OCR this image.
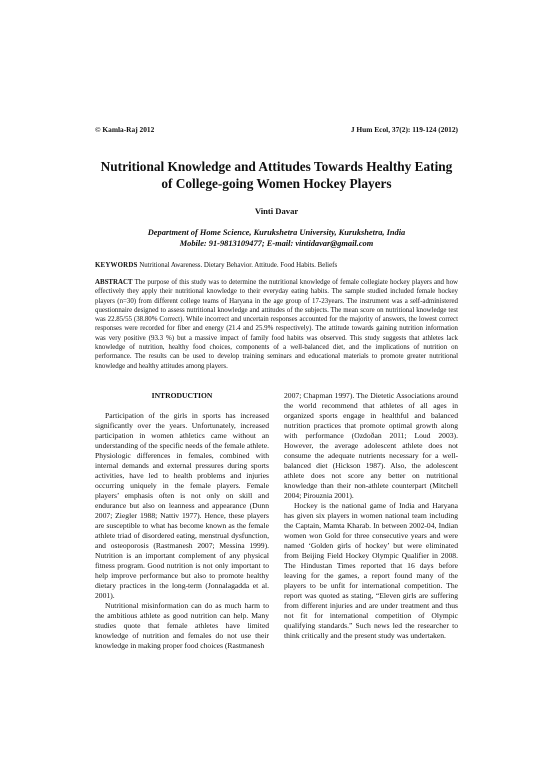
© Kamla-Raj 2012	J Hum Ecol, 37(2): 119-124 (2012)
Nutritional Knowledge and Attitudes Towards Healthy Eating of College-going Women Hockey Players
Vinti Davar
Department of Home Science, Kurukshetra University, Kurukshetra, India
Mobile: 91-9813109477; E-mail: vintidavar@gmail.com
KEYWORDS Nutritional Awareness. Dietary Behavior. Attitude. Food Habits. Beliefs
ABSTRACT The purpose of this study was to determine the nutritional knowledge of female collegiate hockey players and how effectively they apply their nutritional knowledge to their everyday eating habits. The sample studied included female hockey players (n=30) from different college teams of Haryana in the age group of 17-23years. The instrument was a self-administered questionnaire designed to assess nutritional knowledge and attitudes of the subjects. The mean score on nutritional knowledge test was 22.85/55 (38.80% Correct). While incorrect and uncertain responses accounted for the majority of answers, the lowest correct responses were recorded for fiber and energy (21.4 and 25.9% respectively). The attitude towards gaining nutrition information was very positive (93.3 %) but a massive impact of family food habits was observed. This study suggests that athletes lack knowledge of nutrition, healthy food choices, components of a well-balanced diet, and the implications of nutrition on performance. The results can be used to develop training seminars and educational materials to promote greater nutritional knowledge and healthy attitudes among players.
INTRODUCTION

Participation of the girls in sports has increased significantly over the years. Unfortunately, increased participation in women athletics came without an understanding of the specific needs of the female athlete. Physiologic differences in females, combined with internal demands and external pressures during sports activities, have led to health problems and injuries occurring uniquely in the female players. Female players’ emphasis often is not only on skill and endurance but also on leanness and appearance (Dunn 2007; Ziegler 1988; Nattiv 1977). Hence, these players are susceptible to what has become known as the female athlete triad of disordered eating, menstrual dysfunction, and osteoporosis (Rastmanesh 2007; Messina 1999). Nutrition is an important complement of any physical fitness program. Good nutrition is not only important to help improve performance but also to promote healthy dietary practices in the long-term (Jonnalagadda et al. 2001).

Nutritional misinformation can do as much harm to the ambitious athlete as good nutrition can help. Many studies quote that female athletes have limited knowledge of nutrition and females do not use their knowledge in making proper food choices (Rastmanesh

2007; Chapman 1997). The Dietetic Associations around the world recommend that athletes of all ages in organized sports engage in healthful and balanced nutrition practices that promote optimal growth along with performance (Ozdoðan 2011; Loud 2003). However, the average adolescent athlete does not consume the adequate nutrients necessary for a well-balanced diet (Hickson 1987). Also, the adolescent athlete does not score any better on nutritional knowledge than their non-athlete counterpart (Mitchell 2004; Pirouznia 2001).

Hockey is the national game of India and Haryana has given six players in women national team including the Captain, Mamta Kharab. In between 2002-04, Indian women won Gold for three consecutive years and were named ‘Golden girls of hockey’ but were eliminated from Beijing Field Hockey Olympic Qualifier in 2008. The Hindustan Times reported that 16 days before leaving for the games, a report found many of the players to be unfit for international competition. The report was quoted as stating, “Eleven girls are suffering from different injuries and are under treatment and thus not fit for international competition of Olympic qualifying standards.” Such news led the researcher to think critically and the present study was undertaken.
